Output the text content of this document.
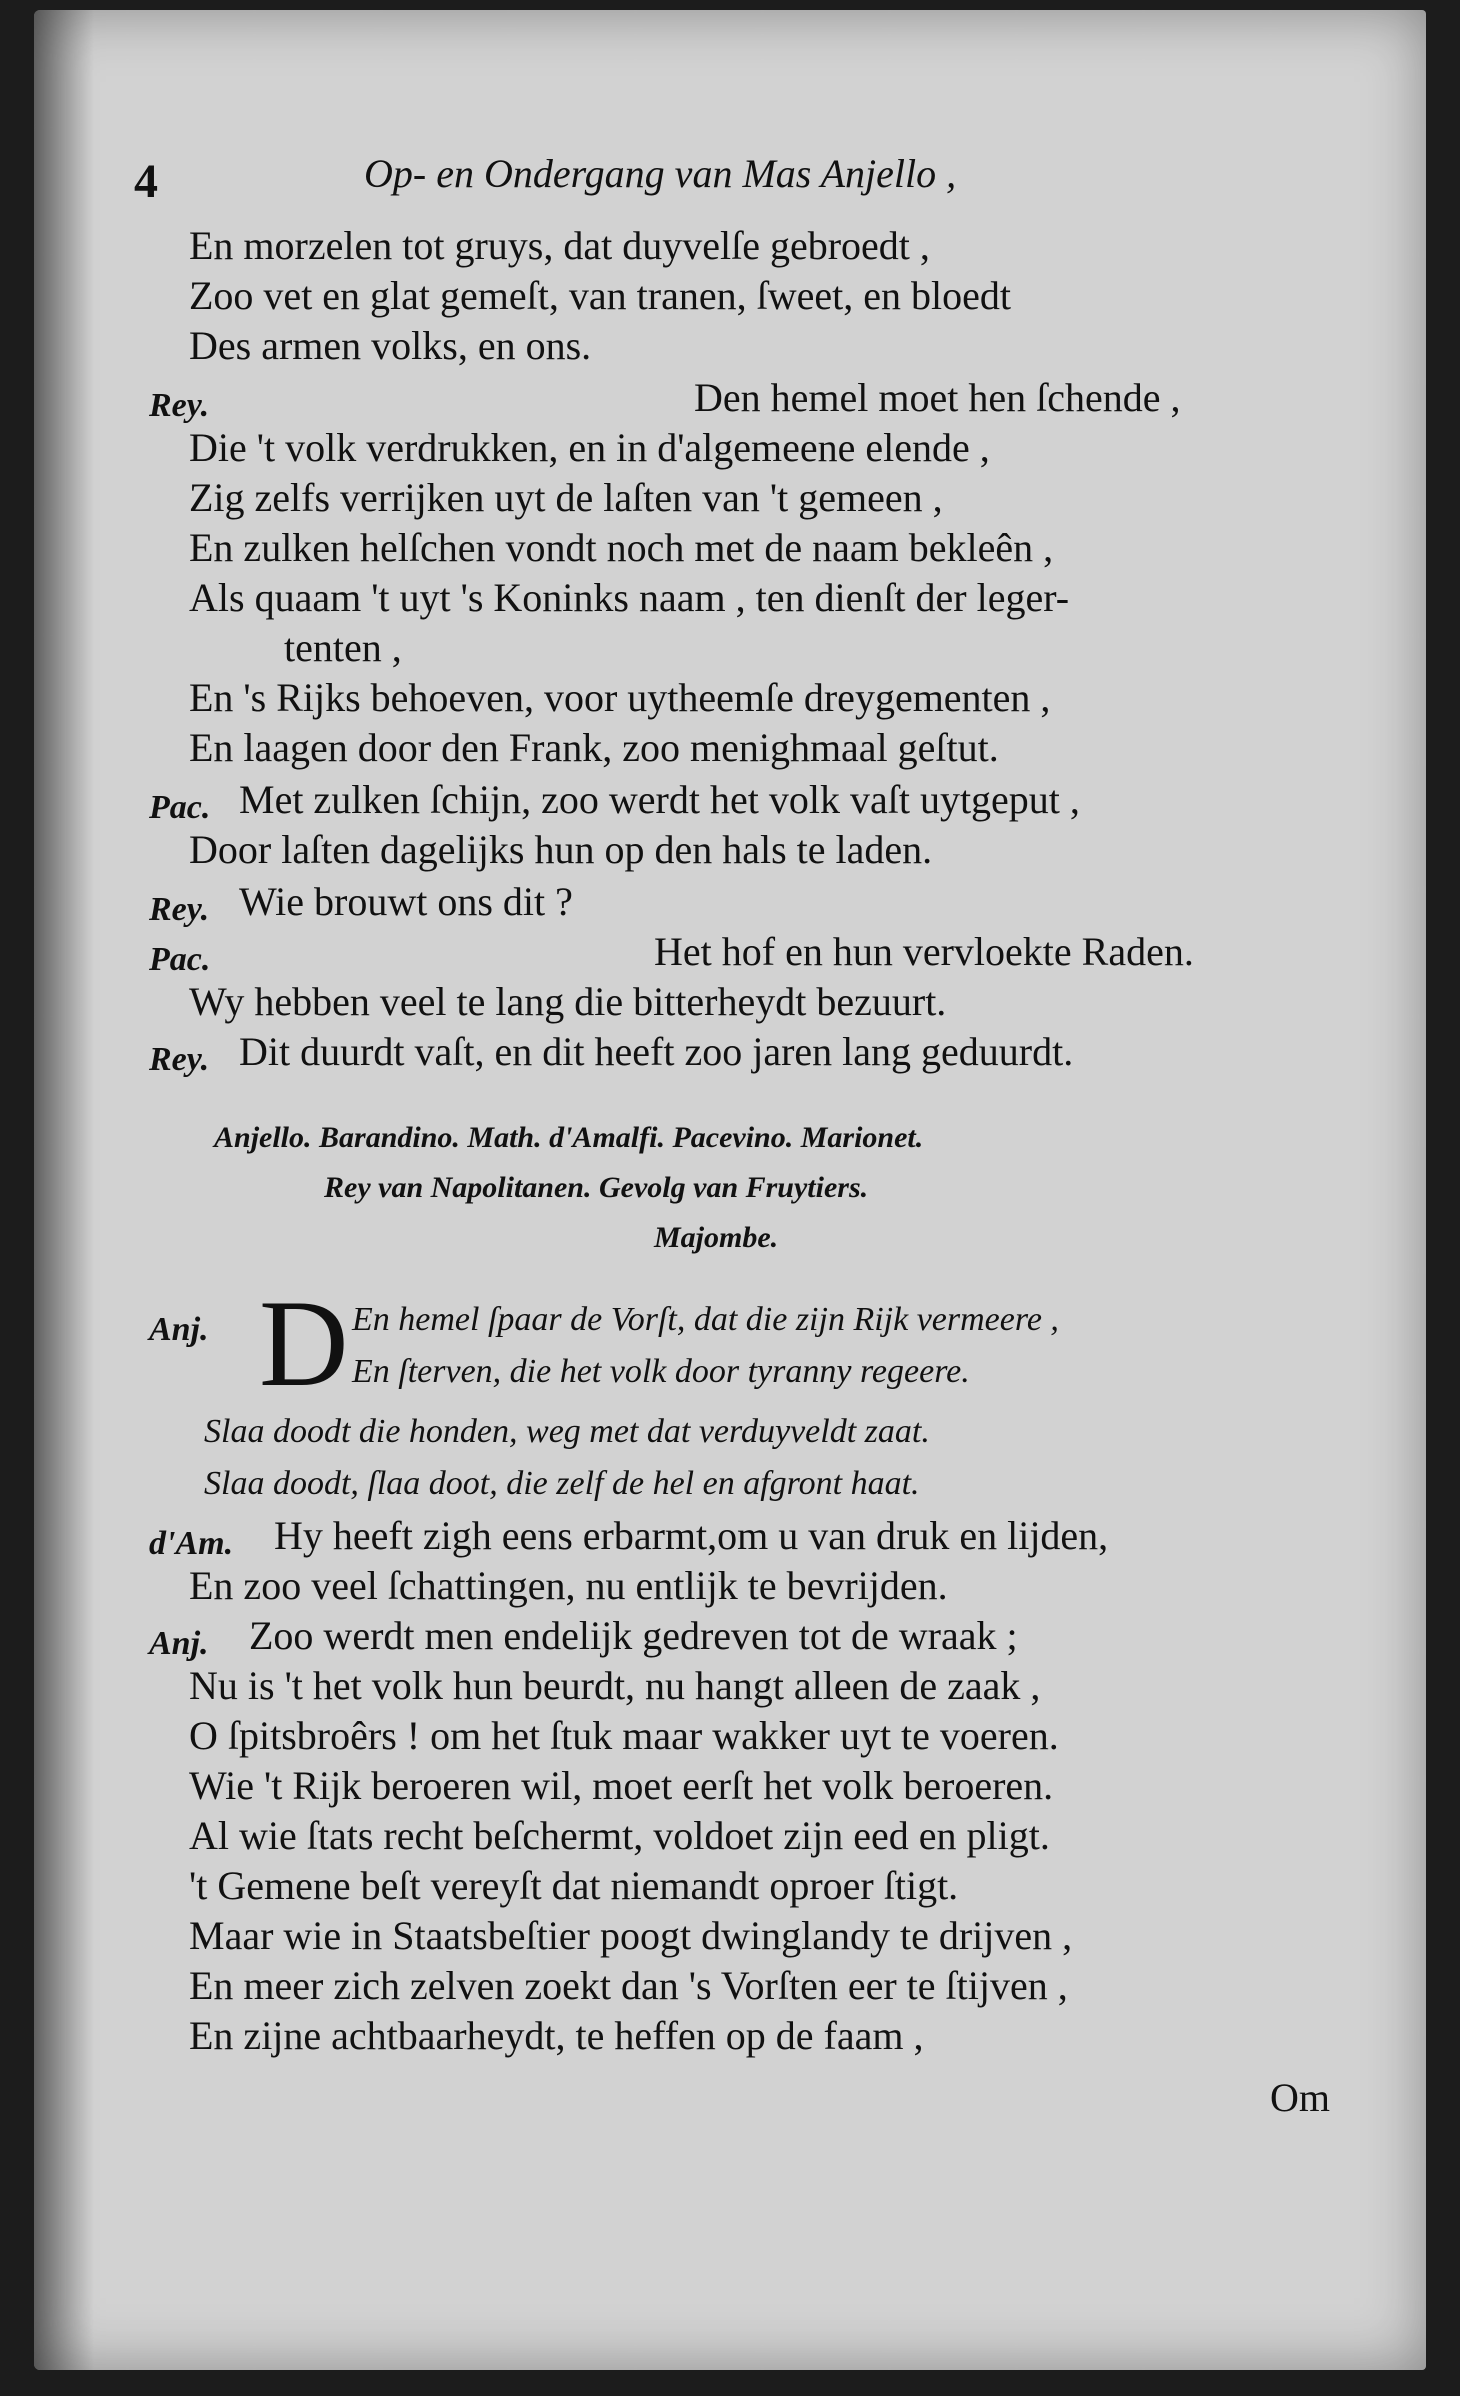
4	Op- en Ondergang van Mas Anjello ,
En morzelen tot gruys, dat duyvelſe gebroedt ,
Zoo vet en glat gemeſt, van tranen, ſweet, en bloedt
Des armen volks, en ons.
Rey.	Den hemel moet hen ſchende ,
Die 't volk verdrukken, en in d'algemeene elende ,
Zig zelfs verrijken uyt de laſten van 't gemeen ,
En zulken helſchen vondt noch met de naam bekleên ,
Als quaam 't uyt 's Koninks naam , ten dienſt der leger-
tenten ,
En 's Rijks behoeven, voor uytheemſe dreygementen ,
En laagen door den Frank, zoo menighmaal geſtut.
Pac. Met zulken ſchijn, zoo werdt het volk vaſt uytgeput ,
Door laſten dagelijks hun op den hals te laden.
Rey. Wie brouwt ons dit ?
Pac.	Het hof en hun vervloekte Raden.
Wy hebben veel te lang die bitterheydt bezuurt.
Rey. Dit duurdt vaſt, en dit heeft zoo jaren lang geduurdt.
Anjello. Barandino. Math. d'Amalfi. Pacevino. Marionet.
Rey van Napolitanen. Gevolg van Fruytiers.
Majombe.
Anj. D En hemel ſpaar de Vorſt, dat die zijn Rijk vermeere ,
En ſterven, die het volk door tyranny regeere.
Slaa doodt die honden, weg met dat verduyveldt zaat.
Slaa doodt, ſlaa doot, die zelf de hel en afgront haat.
d'Am. Hy heeft zigh eens erbarmt,om u van druk en lijden,
En zoo veel ſchattingen, nu entlijk te bevrijden.
Anj. Zoo werdt men endelijk gedreven tot de wraak ;
Nu is 't het volk hun beurdt, nu hangt alleen de zaak ,
O ſpitsbroêrs ! om het ſtuk maar wakker uyt te voeren.
Wie 't Rijk beroeren wil, moet eerſt het volk beroeren.
Al wie ſtats recht beſchermt, voldoet zijn eed en pligt.
't Gemene beſt vereyſt dat niemandt oproer ſtigt.
Maar wie in Staatsbeſtier poogt dwinglandy te drijven ,
En meer zich zelven zoekt dan 's Vorſten eer te ſtijven ,
En zijne achtbaarheydt, te heffen op de faam ,
Om
